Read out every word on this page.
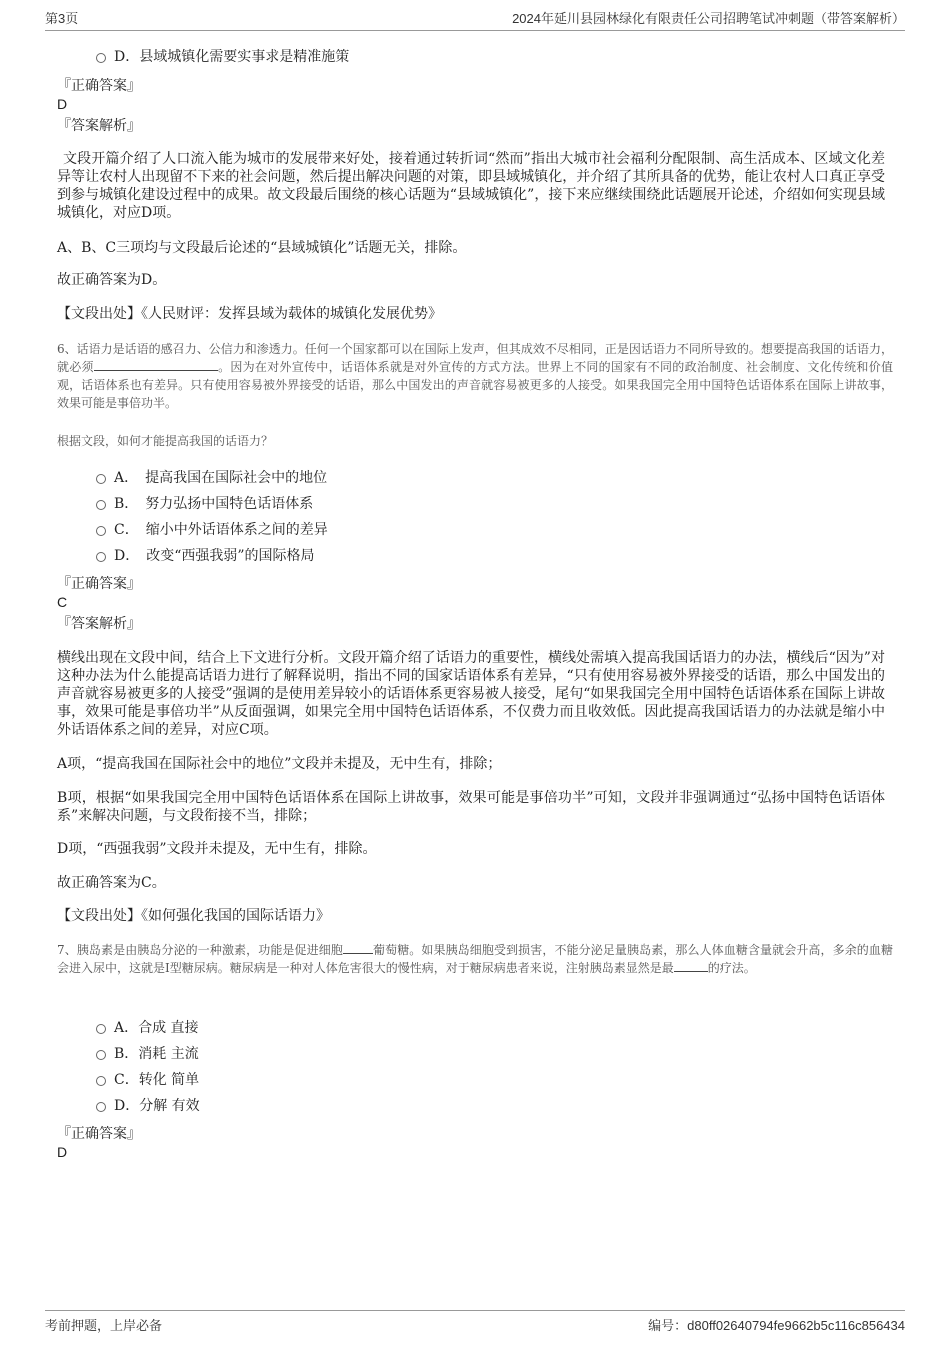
第3页	2024年延川县园林绿化有限责任公司招聘笔试冲刺题（带答案解析）
D．县域城镇化需要实事求是精准施策
『正确答案』
D
『答案解析』
文段开篇介绍了人口流入能为城市的发展带来好处，接着通过转折词“然而”指出大城市社会福利分配限制、高生活成本、区域文化差异等让农村人出现留不下来的社会问题，然后提出解决问题的对策，即县域城镇化，并介绍了其所具备的优势，能让农村人口真正享受到参与城镇化建设过程中的成果。故文段最后围绕的核心话题为“县域城镇化”，接下来应继续围绕此话题展开论述，介绍如何实现县域城镇化，对应D项。
A、B、C三项均与文段最后论述的“县域城镇化”话题无关，排除。
故正确答案为D。
【文段出处】《人民财评：发挥县域为载体的城镇化发展优势》
6、话语力是话语的感召力、公信力和渗透力。任何一个国家都可以在国际上发声，但其成效不尽相同，正是因话语力不同所导致的。想要提高我国的话语力，就必须	。因为在对外宣传中，话语体系就是对外宣传的方式方法。世界上不同的国家有不同的政治制度、社会制度、文化传统和价值观，话语体系也有差异。只有使用容易被外界接受的话语，那么中国发出的声音就容易被更多的人接受。如果我国完全用中国特色话语体系在国际上讲故事，效果可能是事倍功半。
根据文段，如何才能提高我国的话语力？
A．　提高我国在国际社会中的地位
B．　努力弘扬中国特色话语体系
C．　缩小中外话语体系之间的差异
D．　改变“西强我弱”的国际格局
『正确答案』
C
『答案解析』
横线出现在文段中间，结合上下文进行分析。文段开篇介绍了话语力的重要性，横线处需填入提高我国话语力的办法，横线后“因为”对这种办法为什么能提高话语力进行了解释说明，指出不同的国家话语体系有差异，“只有使用容易被外界接受的话语，那么中国发出的声音就容易被更多的人接受”强调的是使用差异较小的话语体系更容易被人接受，尾句“如果我国完全用中国特色话语体系在国际上讲故事，效果可能是事倍功半”从反面强调，如果完全用中国特色话语体系，不仅费力而且收效低。因此提高我国话语力的办法就是缩小中外话语体系之间的差异，对应C项。
A项，“提高我国在国际社会中的地位”文段并未提及，无中生有，排除；
B项，根据“如果我国完全用中国特色话语体系在国际上讲故事，效果可能是事倍功半”可知，文段并非强调通过“弘扬中国特色话语体系”来解决问题，与文段衔接不当，排除；
D项，“西强我弱”文段并未提及，无中生有，排除。
故正确答案为C。
【文段出处】《如何强化我国的国际话语力》
7、胰岛素是由胰岛分泌的一种激素，功能是促进细胞	葡萄糖。如果胰岛细胞受到损害，不能分泌足量胰岛素，那么人体血糖含量就会升高，多余的血糖会进入尿中，这就是I型糖尿病。糖尿病是一种对人体危害很大的慢性病，对于糖尿病患者来说，注射胰岛素显然是最	的疗法。
A．合成 直接
B．消耗 主流
C．转化 简单
D．分解 有效
『正确答案』
D
考前押题，上岸必备	编号：d80ff02640794fe9662b5c116c856434
